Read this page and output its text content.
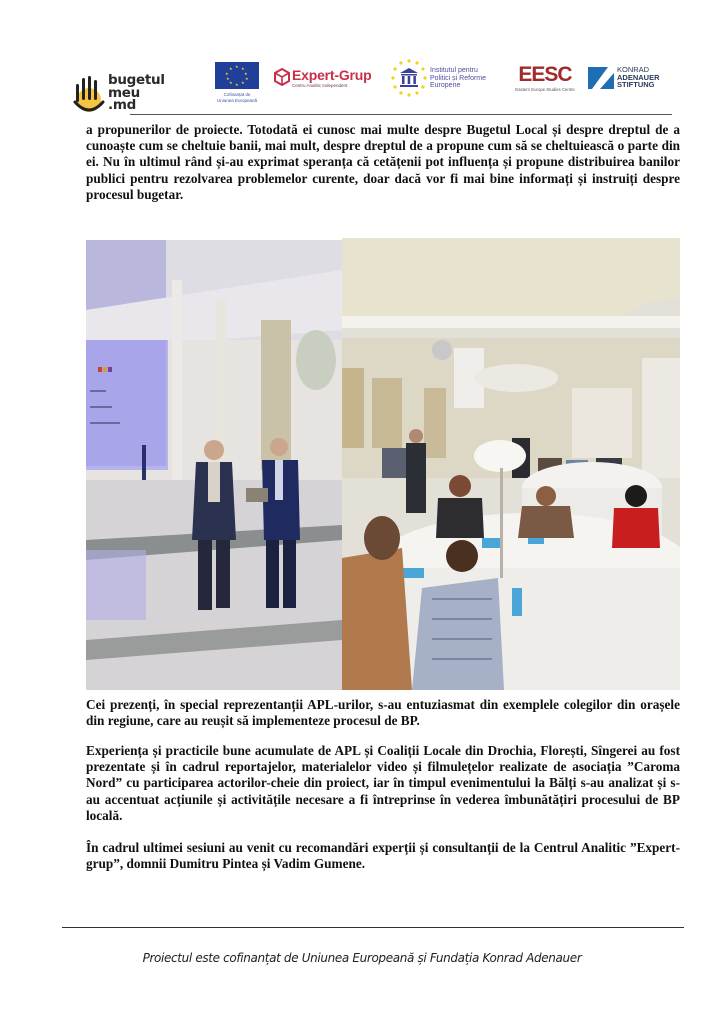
bugetul
meu
.md
★ ★
★
★
★
★
★
★
★
★
Cofinanțat de
Uniunea Europeană
Expert-Grup
Centru Analitic Independent
Institutul pentru
Politici și Reforme
Europene	EESC
Eastern Europe Studies Centre
KONRAD
ADENAUER
STIFTUNG

a propunerilor de proiecte. Totodată ei cunosc mai multe despre Bugetul Local și despre dreptul de a cunoaște cum se cheltuie banii, mai mult, despre dreptul de a propune cum să se cheltuiească o parte din ei. Nu în ultimul rând și-au exprimat speranța că cetățenii pot influența și propune distribuirea banilor publici pentru rezolvarea problemelor curente, doar dacă vor fi mai bine informați și instruiți despre procesul bugetar.

Cei prezenți, în special reprezentanții APL-urilor, s-au entuziasmat din exemplele colegilor din orașele din regiune, care au reușit să implementeze procesul de BP.

Experiența și practicile bune acumulate de APL și Coaliții Locale din Drochia, Florești, Sîngerei au fost prezentate și în cadrul reportajelor, materialelor video și filmulețelor realizate de asociația ”Caroma Nord” cu participarea actorilor-cheie din proiect, iar în timpul evenimentului la Bălți s-au analizat și s-au accentuat acțiunile și activitățile necesare a fi întreprinse în vederea îmbunătățiri procesului de BP locală.

În cadrul ultimei sesiuni au venit cu recomandări experții și consultanții de la Centrul Analitic ”Expert-grup”, domnii Dumitru Pintea și Vadim Gumene.

Proiectul este cofinanțat de Uniunea Europeană și Fundația Konrad Adenauer
